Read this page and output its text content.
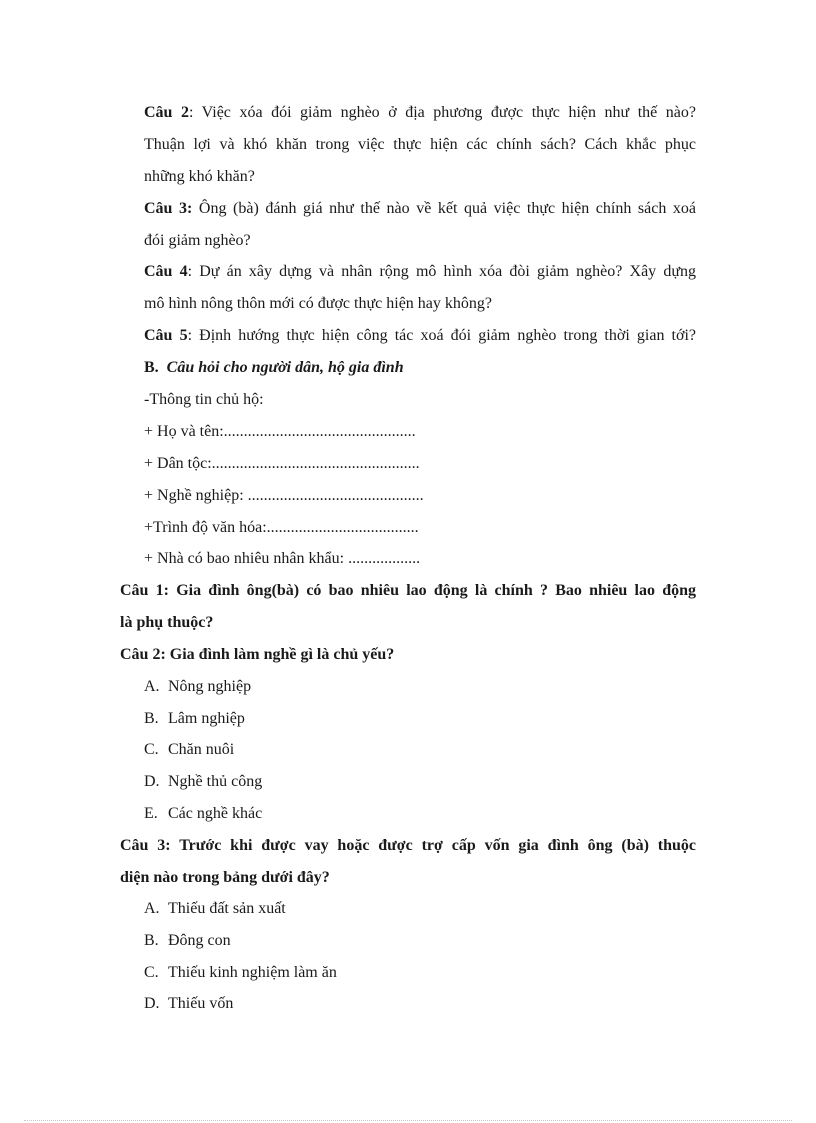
Câu 2: Việc xóa đói giảm nghèo ở địa phương được thực hiện như thế nào?

Thuận lợi và khó khăn trong việc thực hiện các chính sách? Cách khắc phục

những khó khăn?

Câu 3: Ông (bà) đánh giá như thế nào về kết quả việc thực hiện chính sách xoá

đói giảm nghèo?

Câu 4: Dự án xây dựng và nhân rộng mô hình xóa đòi giảm nghèo? Xây dựng

mô hình nông thôn mới có được thực hiện hay không?

Câu 5: Định hướng thực hiện công tác xoá đói giảm nghèo trong thời gian tới?

B. Câu hỏi cho người dân, hộ gia đình

-Thông tin chủ hộ:

+ Họ và tên:................................................

+ Dân tộc:....................................................

+ Nghề nghiệp: ............................................

+Trình độ văn hóa:......................................

+ Nhà có bao nhiêu nhân khẩu: ..................

Câu 1: Gia đình ông(bà) có bao nhiêu lao động là chính ? Bao nhiêu lao động

là phụ thuộc?

Câu 2: Gia đình làm nghề gì là chủ yếu?

A. Nông nghiệp

B. Lâm nghiệp

C. Chăn nuôi

D. Nghề thủ công

E. Các nghề khác

Câu 3: Trước khi được vay hoặc được trợ cấp vốn gia đình ông (bà) thuộc

diện nào trong bảng dưới đây?

A. Thiếu đất sản xuất

B. Đông con

C. Thiếu kinh nghiệm làm ăn

D. Thiếu vốn
